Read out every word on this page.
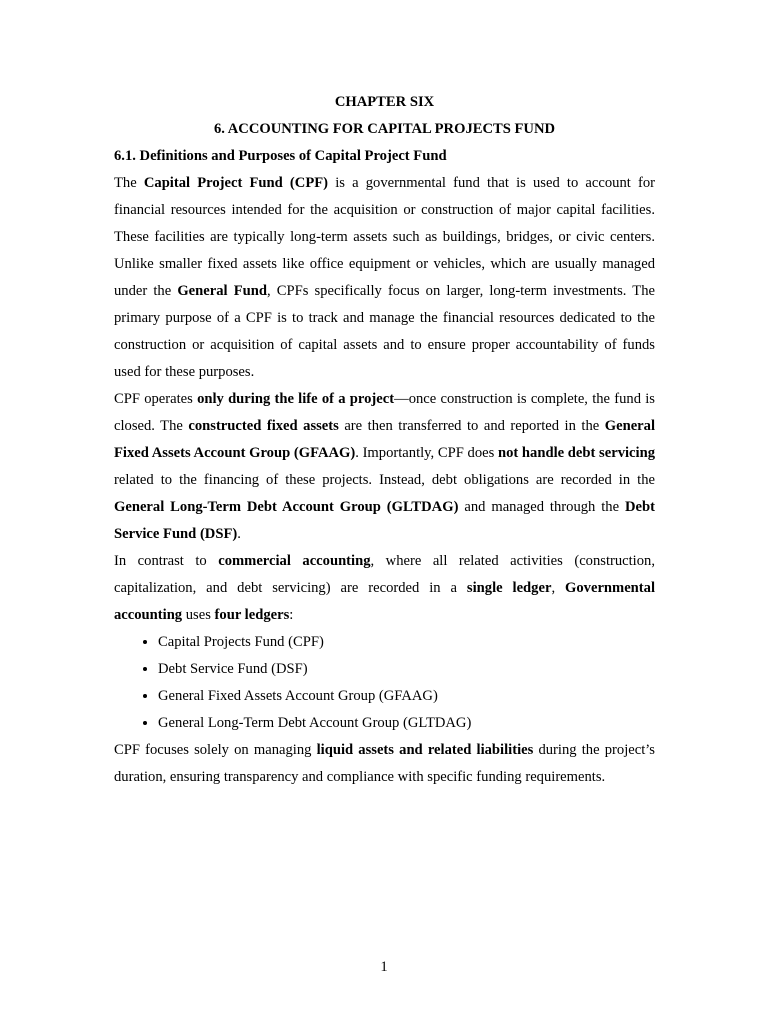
CHAPTER SIX

6. ACCOUNTING FOR CAPITAL PROJECTS FUND

6.1. Definitions and Purposes of Capital Project Fund

The Capital Project Fund (CPF) is a governmental fund that is used to account for financial resources intended for the acquisition or construction of major capital facilities. These facilities are typically long-term assets such as buildings, bridges, or civic centers. Unlike smaller fixed assets like office equipment or vehicles, which are usually managed under the General Fund, CPFs specifically focus on larger, long-term investments. The primary purpose of a CPF is to track and manage the financial resources dedicated to the construction or acquisition of capital assets and to ensure proper accountability of funds used for these purposes.

CPF operates only during the life of a project—once construction is complete, the fund is closed. The constructed fixed assets are then transferred to and reported in the General Fixed Assets Account Group (GFAAG). Importantly, CPF does not handle debt servicing related to the financing of these projects. Instead, debt obligations are recorded in the General Long-Term Debt Account Group (GLTDAG) and managed through the Debt Service Fund (DSF).

In contrast to commercial accounting, where all related activities (construction, capitalization, and debt servicing) are recorded in a single ledger, Governmental accounting uses four ledgers:

• Capital Projects Fund (CPF)
• Debt Service Fund (DSF)
• General Fixed Assets Account Group (GFAAG)
• General Long-Term Debt Account Group (GLTDAG)

CPF focuses solely on managing liquid assets and related liabilities during the project’s duration, ensuring transparency and compliance with specific funding requirements.

1
